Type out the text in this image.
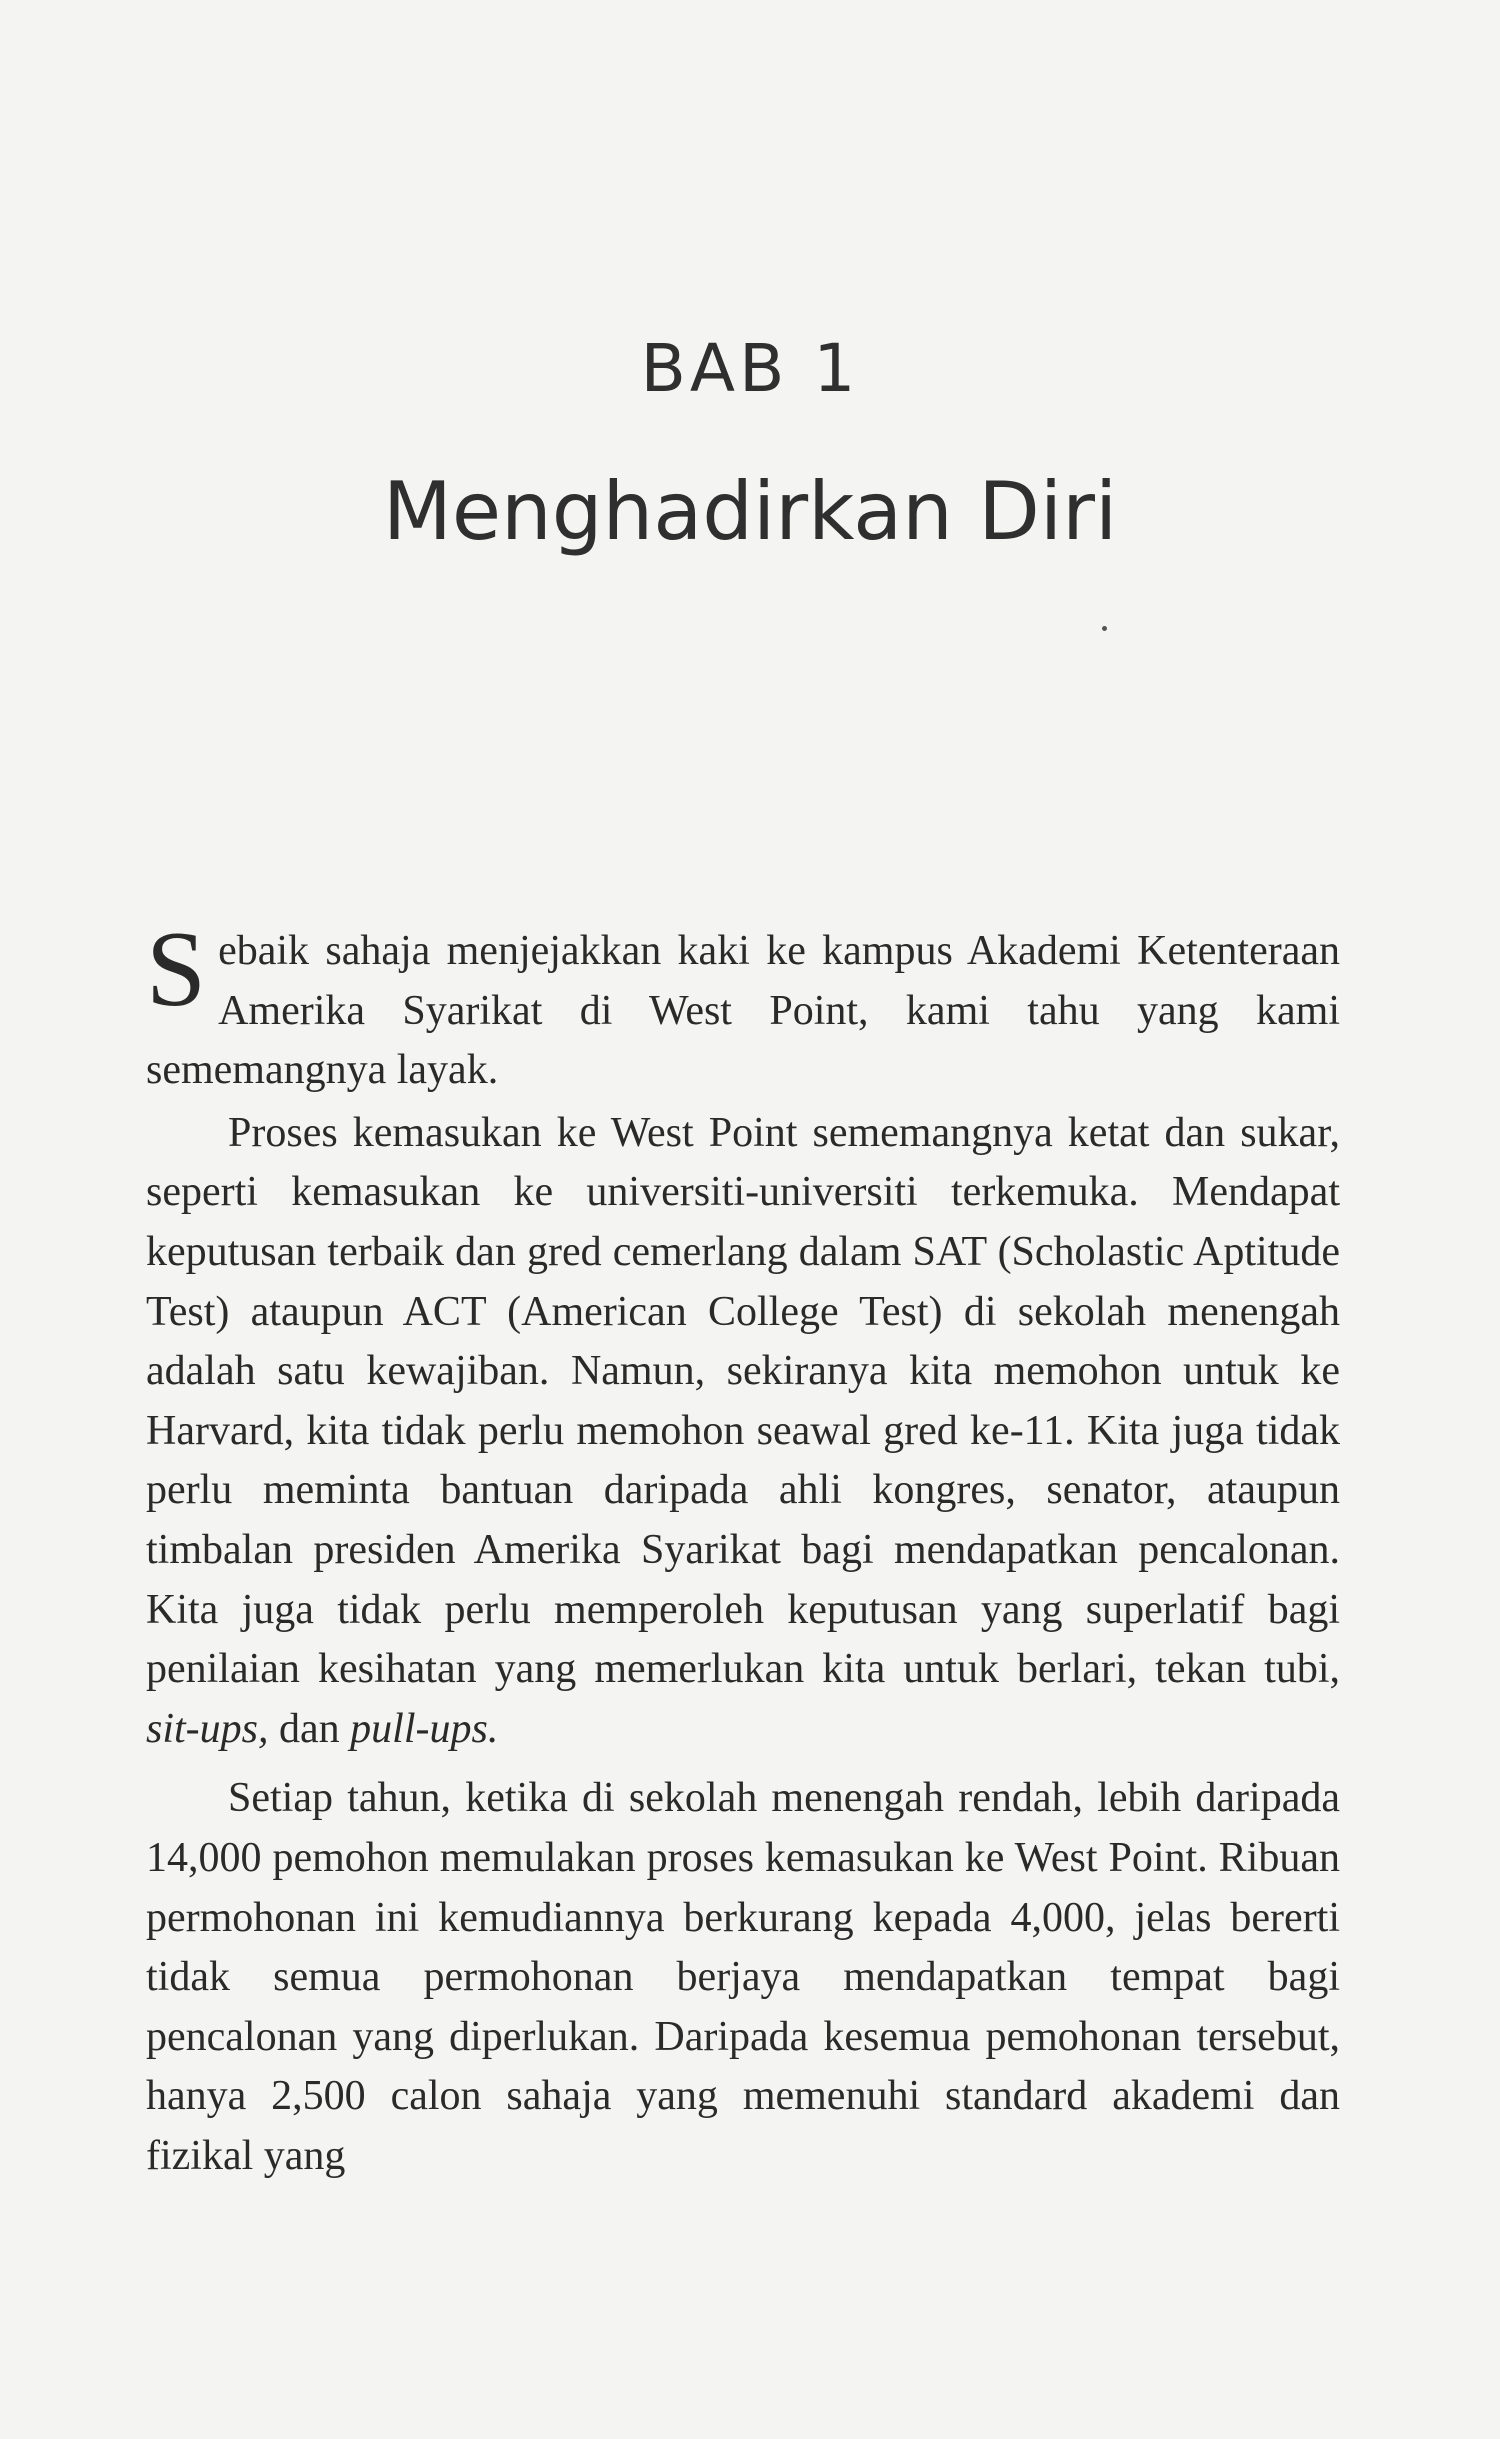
BAB 1
Menghadirkan Diri

Sebaik sahaja menjejakkan kaki ke kampus Akademi Ketenteraan Amerika Syarikat di West Point, kami tahu yang kami sememangnya layak.

Proses kemasukan ke West Point sememangnya ketat dan sukar, seperti kemasukan ke universiti-universiti terkemuka. Mendapat keputusan terbaik dan gred cemerlang dalam SAT (Scholastic Aptitude Test) ataupun ACT (American College Test) di sekolah menengah adalah satu kewajiban. Namun, sekiranya kita memohon untuk ke Harvard, kita tidak perlu memohon seawal gred ke-11. Kita juga tidak perlu meminta bantuan daripada ahli kongres, senator, ataupun timbalan presiden Amerika Syarikat bagi mendapatkan pencalonan. Kita juga tidak perlu memperoleh keputusan yang superlatif bagi penilaian kesihatan yang memerlukan kita untuk berlari, tekan tubi, sit-ups, dan pull-ups.

Setiap tahun, ketika di sekolah menengah rendah, lebih daripada 14,000 pemohon memulakan proses kemasukan ke West Point. Ribuan permohonan ini kemudiannya berkurang kepada 4,000, jelas bererti tidak semua permohonan berjaya mendapatkan tempat bagi pencalonan yang diperlukan. Daripada kesemua pemohonan tersebut, hanya 2,500 calon sahaja yang memenuhi standard akademi dan fizikal yang
